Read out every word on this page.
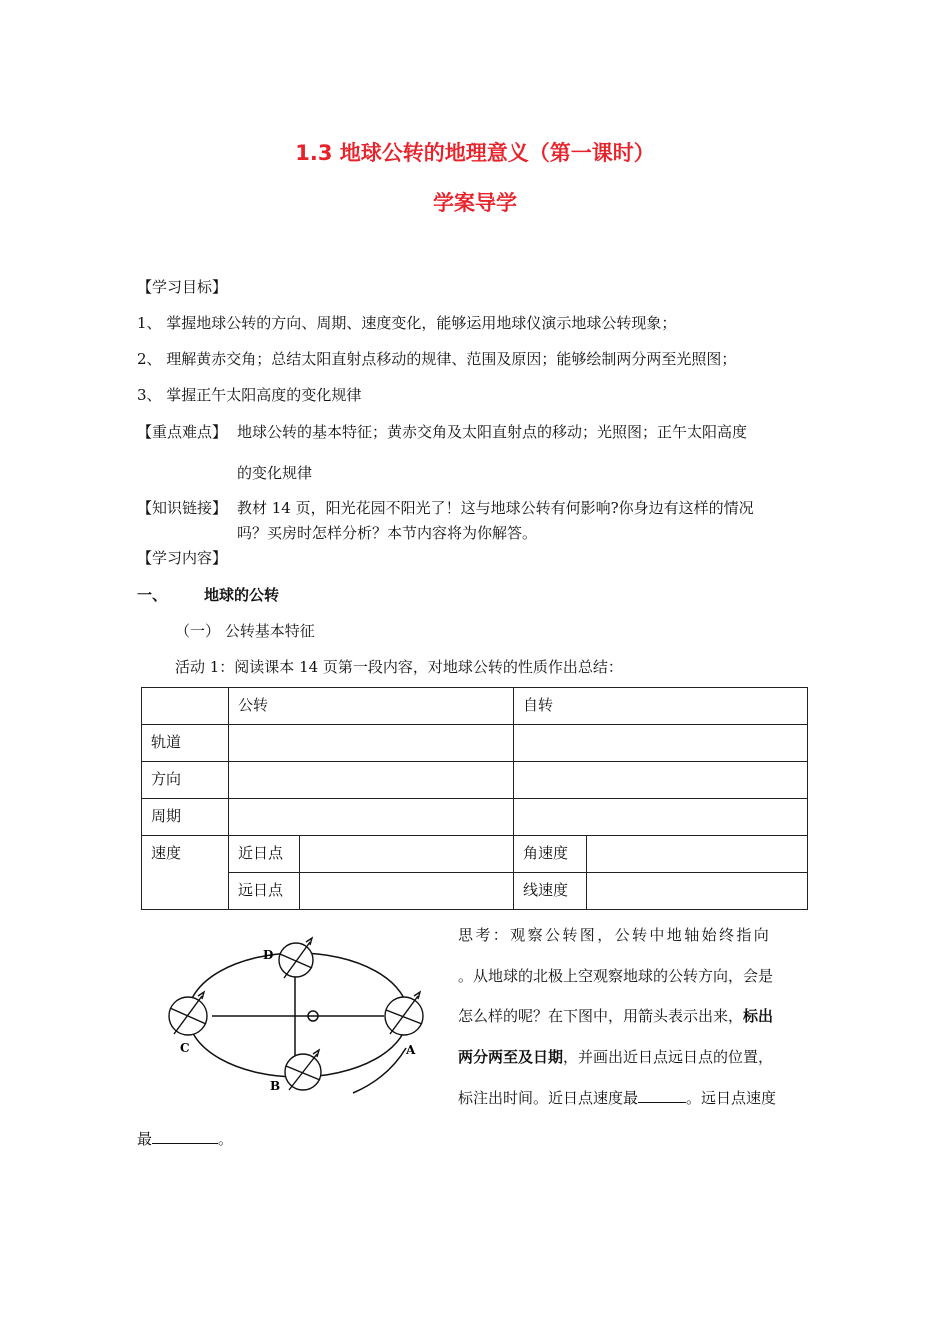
1.3 地球公转的地理意义（第一课时）
学案导学
【学习目标】
1、 掌握地球公转的方向、周期、速度变化，能够运用地球仪演示地球公转现象；
2、 理解黄赤交角；总结太阳直射点移动的规律、范围及原因；能够绘制两分两至光照图；
3、 掌握正午太阳高度的变化规律
【重点难点】 地球公转的基本特征；黄赤交角及太阳直射点的移动；光照图；正午太阳高度
的变化规律
【知识链接】 教材 14 页，阳光花园不阳光了！这与地球公转有何影响?你身边有这样的情况
吗？买房时怎样分析？本节内容将为你解答。
【学习内容】
一、 地球的公转
（一） 公转基本特征
活动 1：阅读课本 14 页第一段内容，对地球公转的性质作出总结：
	公转		自转	
轨道				
方向				
周期				
速度	近日点		角速度	
	远日点		线速度	
D
C	A
B
思考：观察公转图，公转中地轴始终指向
。从地球的北极上空观察地球的公转方向，会是
怎么样的呢？在下图中，用箭头表示出来，标出
两分两至及日期，并画出近日点远日点的位置，
标注出时间。近日点速度最	。远日点速度
最	。
